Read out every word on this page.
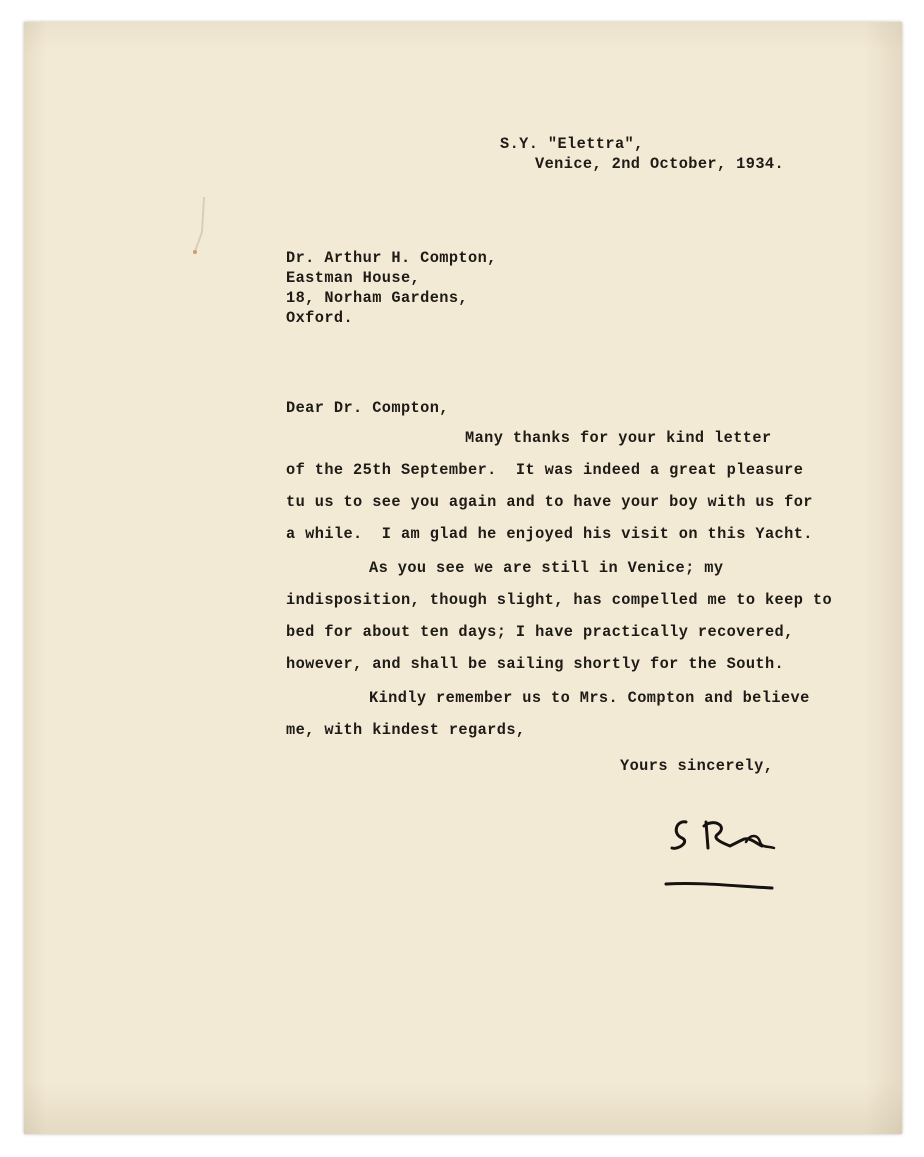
S.Y. "Elettra",
Venice, 2nd October, 1934.
Dr. Arthur H. Compton,
Eastman House,
18, Norham Gardens,
Oxford.
Dear Dr. Compton,
Many thanks for your kind letter
of the 25th September.  It was indeed a great pleasure
tu us to see you again and to have your boy with us for
a while.  I am glad he enjoyed his visit on this Yacht.
As you see we are still in Venice; my
indisposition, though slight, has compelled me to keep to
bed for about ten days; I have practically recovered,
however, and shall be sailing shortly for the South.
Kindly remember us to Mrs. Compton and believe
me, with kindest regards,
Yours sincerely,
